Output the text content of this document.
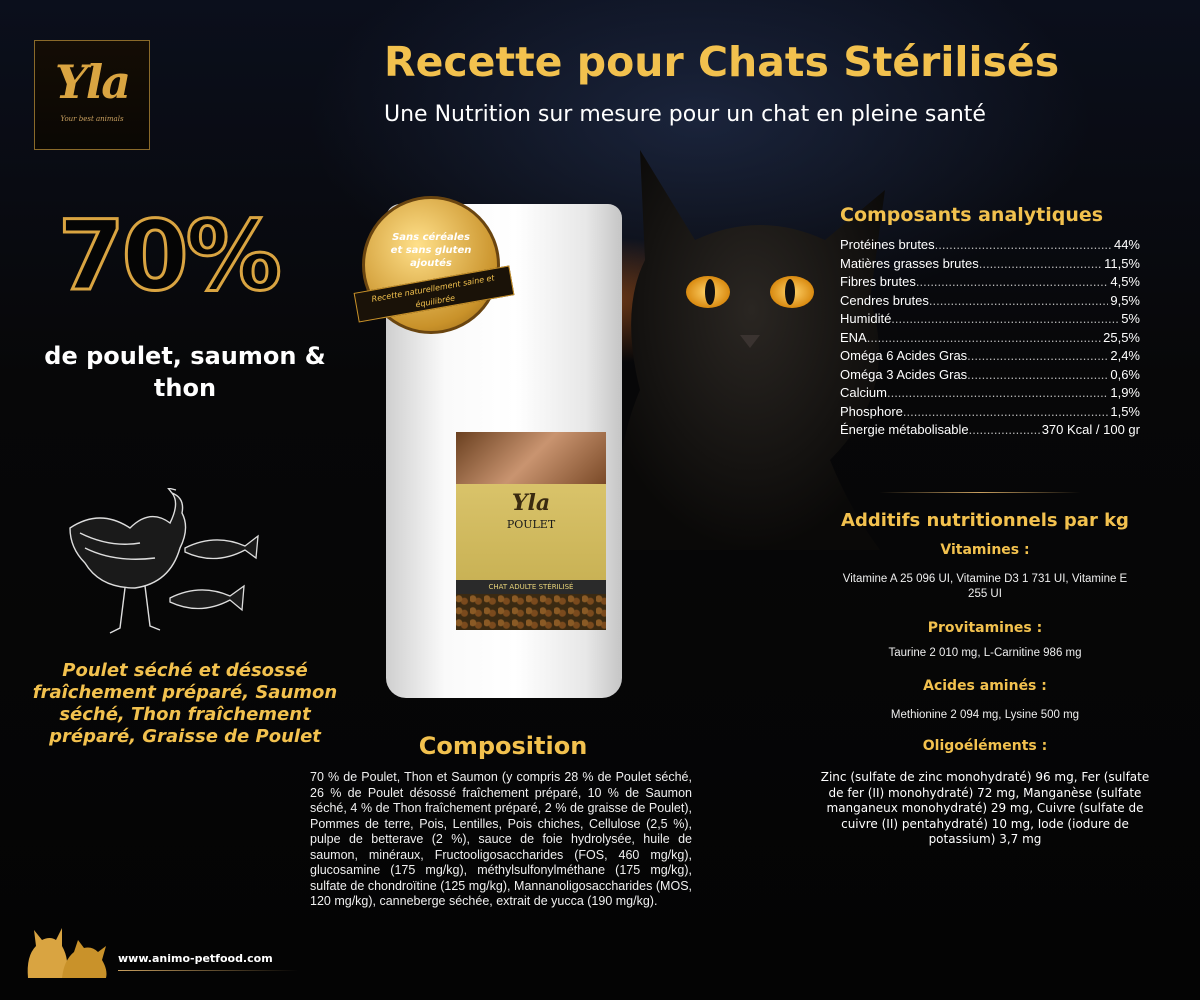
Yla
Your best animals
Recette pour Chats Stérilisés
Une Nutrition sur mesure pour un chat en pleine santé
70%
de poulet, saumon & thon
Yla
POULET
CHAT ADULTE STÉRILISÉ
Sans céréales et sans gluten ajoutés
Recette naturellement saine et équilibrée
Poulet séché et désossé fraîchement préparé, Saumon séché, Thon fraîchement préparé, Graisse de Poulet	Composition
70 % de Poulet, Thon et Saumon (y compris 28 % de Poulet séché, 26 % de Poulet désossé fraîchement préparé, 10 % de Saumon séché, 4 % de Thon fraîchement préparé, 2 % de graisse de Poulet), Pommes de terre, Pois, Lentilles, Pois chiches, Cellulose (2,5 %), pulpe de betterave (2 %), sauce de foie hydrolysée, huile de saumon, minéraux, Fructooligosaccharides (FOS, 460 mg/kg), glucosamine (175 mg/kg), méthylsulfonylméthane (175 mg/kg), sulfate de chondroïtine (125 mg/kg), Mannanoligosaccharides (MOS, 120 mg/kg), canneberge séchée, extrait de yucca (190 mg/kg).
Composants analytiques
Protéines brutes .....	44%
Matières grasses brutes .....	11,5%
Fibres brutes .....	4,5%
Cendres brutes .....	9,5%
Humidité .....	5%
ENA .....	25,5%
Oméga 6 Acides Gras .....	2,4%
Oméga 3 Acides Gras .....	0,6%
Calcium .....	1,9%
Phosphore .....	1,5%
Énergie métabolisable .....	370 Kcal / 100 gr
Additifs nutritionnels par kg
Vitamines :
Vitamine A 25 096 UI, Vitamine D3 1 731 UI, Vitamine E 255 UI
Provitamines :
Taurine 2 010 mg, L-Carnitine 986 mg
Acides aminés :
Methionine 2 094 mg, Lysine 500 mg
Oligoéléments :
Zinc (sulfate de zinc monohydraté) 96 mg, Fer (sulfate de fer (II) monohydraté) 72 mg, Manganèse (sulfate manganeux monohydraté) 29 mg, Cuivre (sulfate de cuivre (II) pentahydraté) 10 mg, Iode (iodure de potassium) 3,7 mg
www.animo-petfood.com
